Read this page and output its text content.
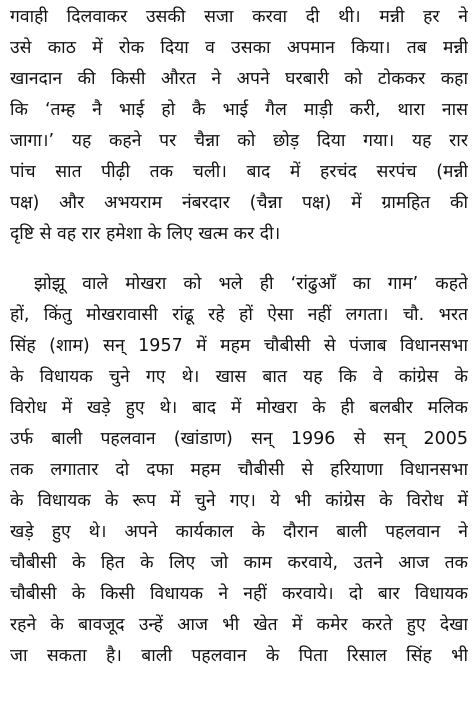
गवाही दिलवाकर उसकी सजा करवा दी थी। मन्नी हर ने
उसे काठ में रोक दिया व उसका अपमान किया। तब मन्नी
खानदान की किसी औरत ने अपने घरबारी को टोककर कहा
कि ‘तम्ह नै भाई हो कै भाई गैल माड़ी करी, थारा नास
जागा।’ यह कहने पर चैन्ना को छोड़ दिया गया। यह रार
पांच सात पीढ़ी तक चली। बाद में हरचंद सरपंच (मन्नी
पक्ष) और अभयराम नंबरदार (चैन्ना पक्ष) में ग्रामहित की
दृष्टि से वह रार हमेशा के लिए खत्म कर दी।
झोझू वाले मोखरा को भले ही ‘रांढुआँ का गाम’ कहते
हों, किंतु मोखरावासी रांढू रहे हों ऐसा नहीं लगता। चौ. भरत
सिंह (शाम) सन् 1957 में महम चौबीसी से पंजाब विधानसभा
के विधायक चुने गए थे। खास बात यह कि वे कांग्रेस के
विरोध में खड़े हुए थे। बाद में मोखरा के ही बलबीर मलिक
उर्फ बाली पहलवान (खांडाण) सन् 1996 से सन् 2005
तक लगातार दो दफा महम चौबीसी से हरियाणा विधानसभा
के विधायक के रूप में चुने गए। ये भी कांग्रेस के विरोध में
खड़े हुए थे। अपने कार्यकाल के दौरान बाली पहलवान ने
चौबीसी के हित के लिए जो काम करवाये, उतने आज तक
चौबीसी के किसी विधायक ने नहीं करवाये। दो बार विधायक
रहने के बावजूद उन्हें आज भी खेत में कमेर करते हुए देखा
जा सकता है। बाली पहलवान के पिता रिसाल सिंह भी
